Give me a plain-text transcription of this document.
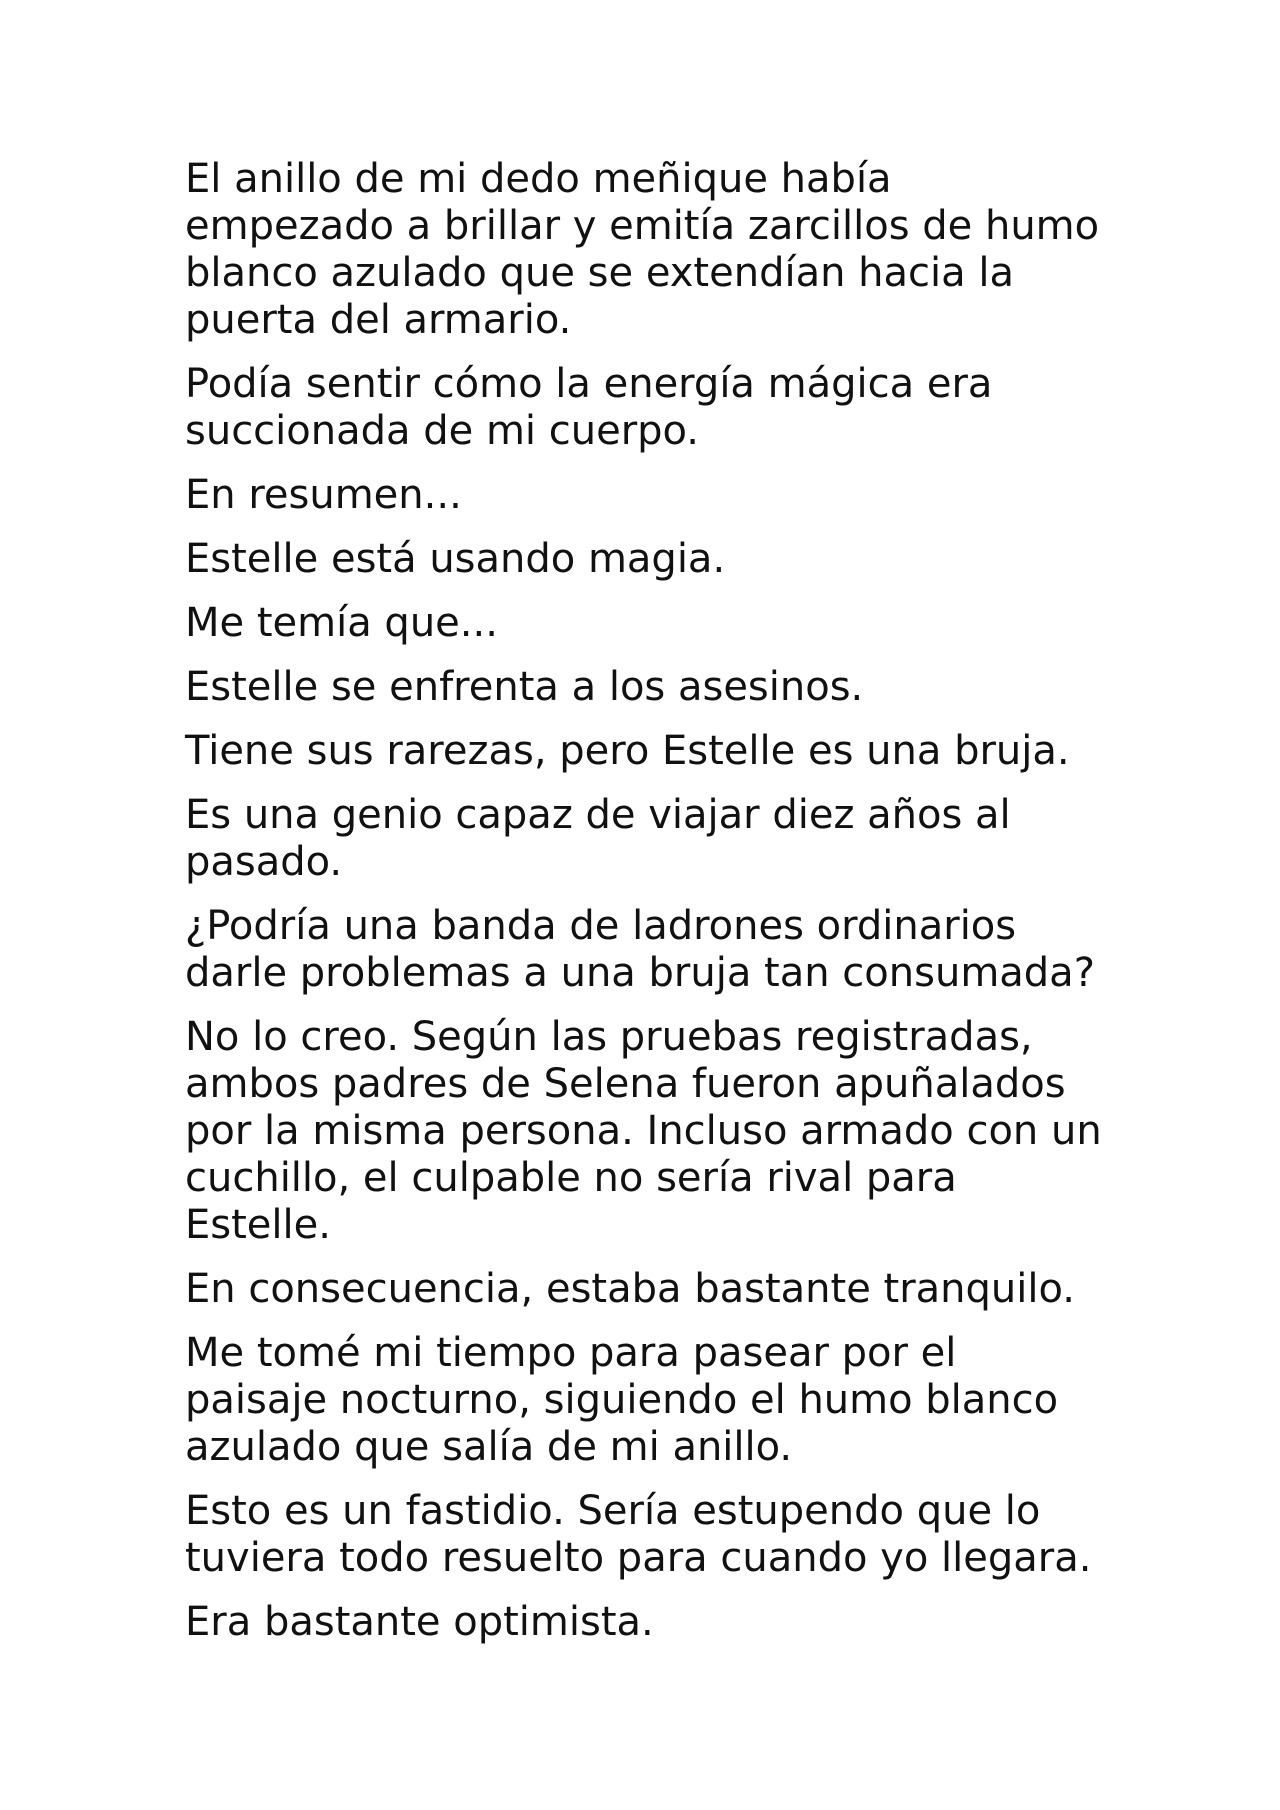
El anillo de mi dedo meñique había empezado a brillar y emitía zarcillos de humo blanco azulado que se extendían hacia la puerta del armario.

Podía sentir cómo la energía mágica era succionada de mi cuerpo.

En resumen...

Estelle está usando magia.

Me temía que...

Estelle se enfrenta a los asesinos.

Tiene sus rarezas, pero Estelle es una bruja.

Es una genio capaz de viajar diez años al pasado.

¿Podría una banda de ladrones ordinarios darle problemas a una bruja tan consumada?

No lo creo. Según las pruebas registradas, ambos padres de Selena fueron apuñalados por la misma persona. Incluso armado con un cuchillo, el culpable no sería rival para Estelle.

En consecuencia, estaba bastante tranquilo.

Me tomé mi tiempo para pasear por el paisaje nocturno, siguiendo el humo blanco azulado que salía de mi anillo.

Esto es un fastidio. Sería estupendo que lo tuviera todo resuelto para cuando yo llegara.

Era bastante optimista.
